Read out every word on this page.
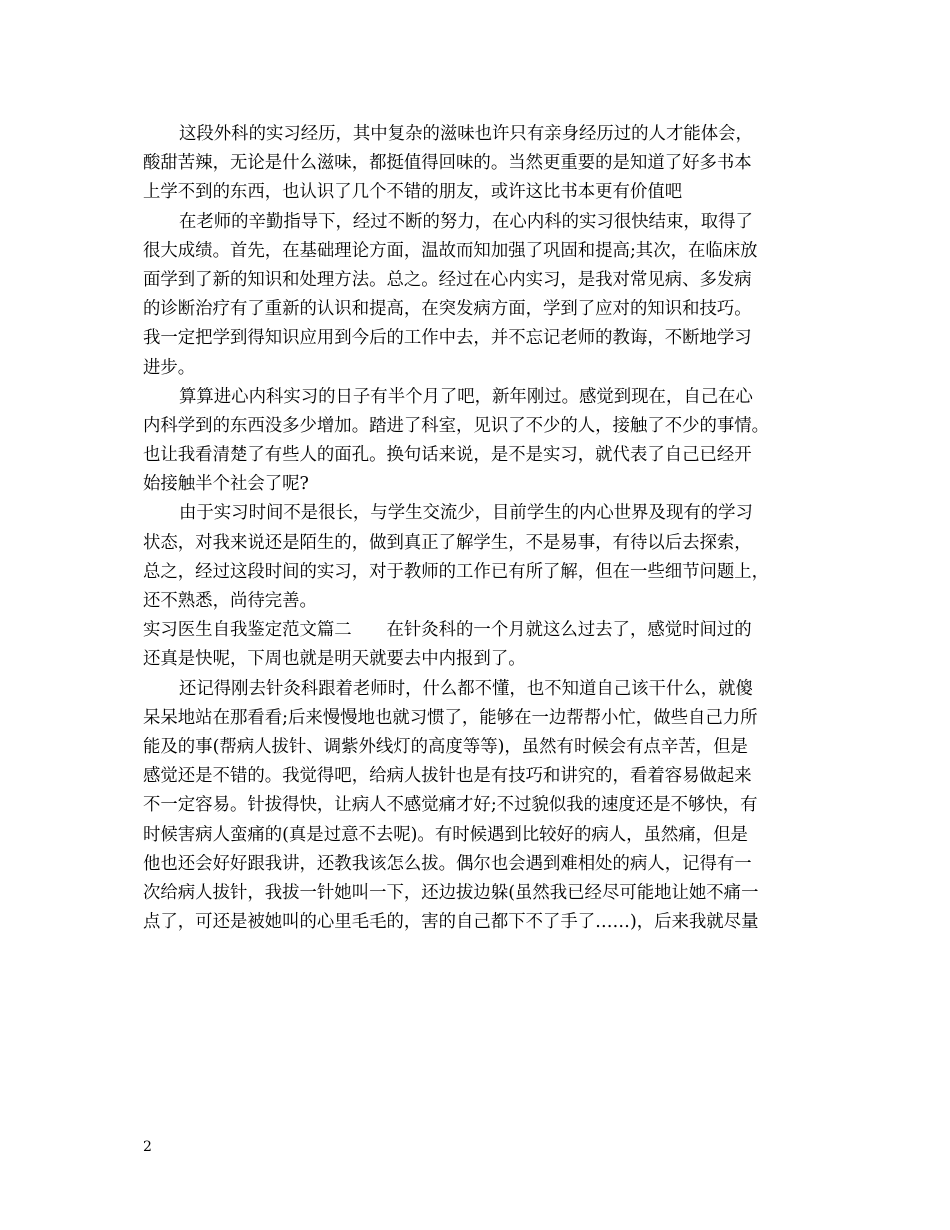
这段外科的实习经历，其中复杂的滋味也许只有亲身经历过的人才能体会，
酸甜苦辣，无论是什么滋味，都挺值得回味的。当然更重要的是知道了好多书本
上学不到的东西，也认识了几个不错的朋友，或许这比书本更有价值吧
在老师的辛勤指导下，经过不断的努力，在心内科的实习很快结束，取得了
很大成绩。首先，在基础理论方面，温故而知加强了巩固和提高;其次，在临床放
面学到了新的知识和处理方法。总之。经过在心内实习，是我对常见病、多发病
的诊断治疗有了重新的认识和提高，在突发病方面，学到了应对的知识和技巧。
我一定把学到得知识应用到今后的工作中去，并不忘记老师的教诲，不断地学习
进步。
算算进心内科实习的日子有半个月了吧，新年刚过。感觉到现在，自己在心
内科学到的东西没多少增加。踏进了科室，见识了不少的人，接触了不少的事情。
也让我看清楚了有些人的面孔。换句话来说，是不是实习，就代表了自己已经开
始接触半个社会了呢?
由于实习时间不是很长，与学生交流少，目前学生的内心世界及现有的学习
状态，对我来说还是陌生的，做到真正了解学生，不是易事，有待以后去探索，
总之，经过这段时间的实习，对于教师的工作已有所了解，但在一些细节问题上，
还不熟悉，尚待完善。
实习医生自我鉴定范文篇二　　在针灸科的一个月就这么过去了，感觉时间过的
还真是快呢，下周也就是明天就要去中内报到了。
还记得刚去针灸科跟着老师时，什么都不懂，也不知道自己该干什么，就傻
呆呆地站在那看看;后来慢慢地也就习惯了，能够在一边帮帮小忙，做些自己力所
能及的事(帮病人拔针、调紫外线灯的高度等等)，虽然有时候会有点辛苦，但是
感觉还是不错的。我觉得吧，给病人拔针也是有技巧和讲究的，看着容易做起来
不一定容易。针拔得快，让病人不感觉痛才好;不过貌似我的速度还是不够快，有
时候害病人蛮痛的(真是过意不去呢)。有时候遇到比较好的病人，虽然痛，但是
他也还会好好跟我讲，还教我该怎么拔。偶尔也会遇到难相处的病人，记得有一
次给病人拔针，我拔一针她叫一下，还边拔边躲(虽然我已经尽可能地让她不痛一
点了，可还是被她叫的心里毛毛的，害的自己都下不了手了……)，后来我就尽量
2
